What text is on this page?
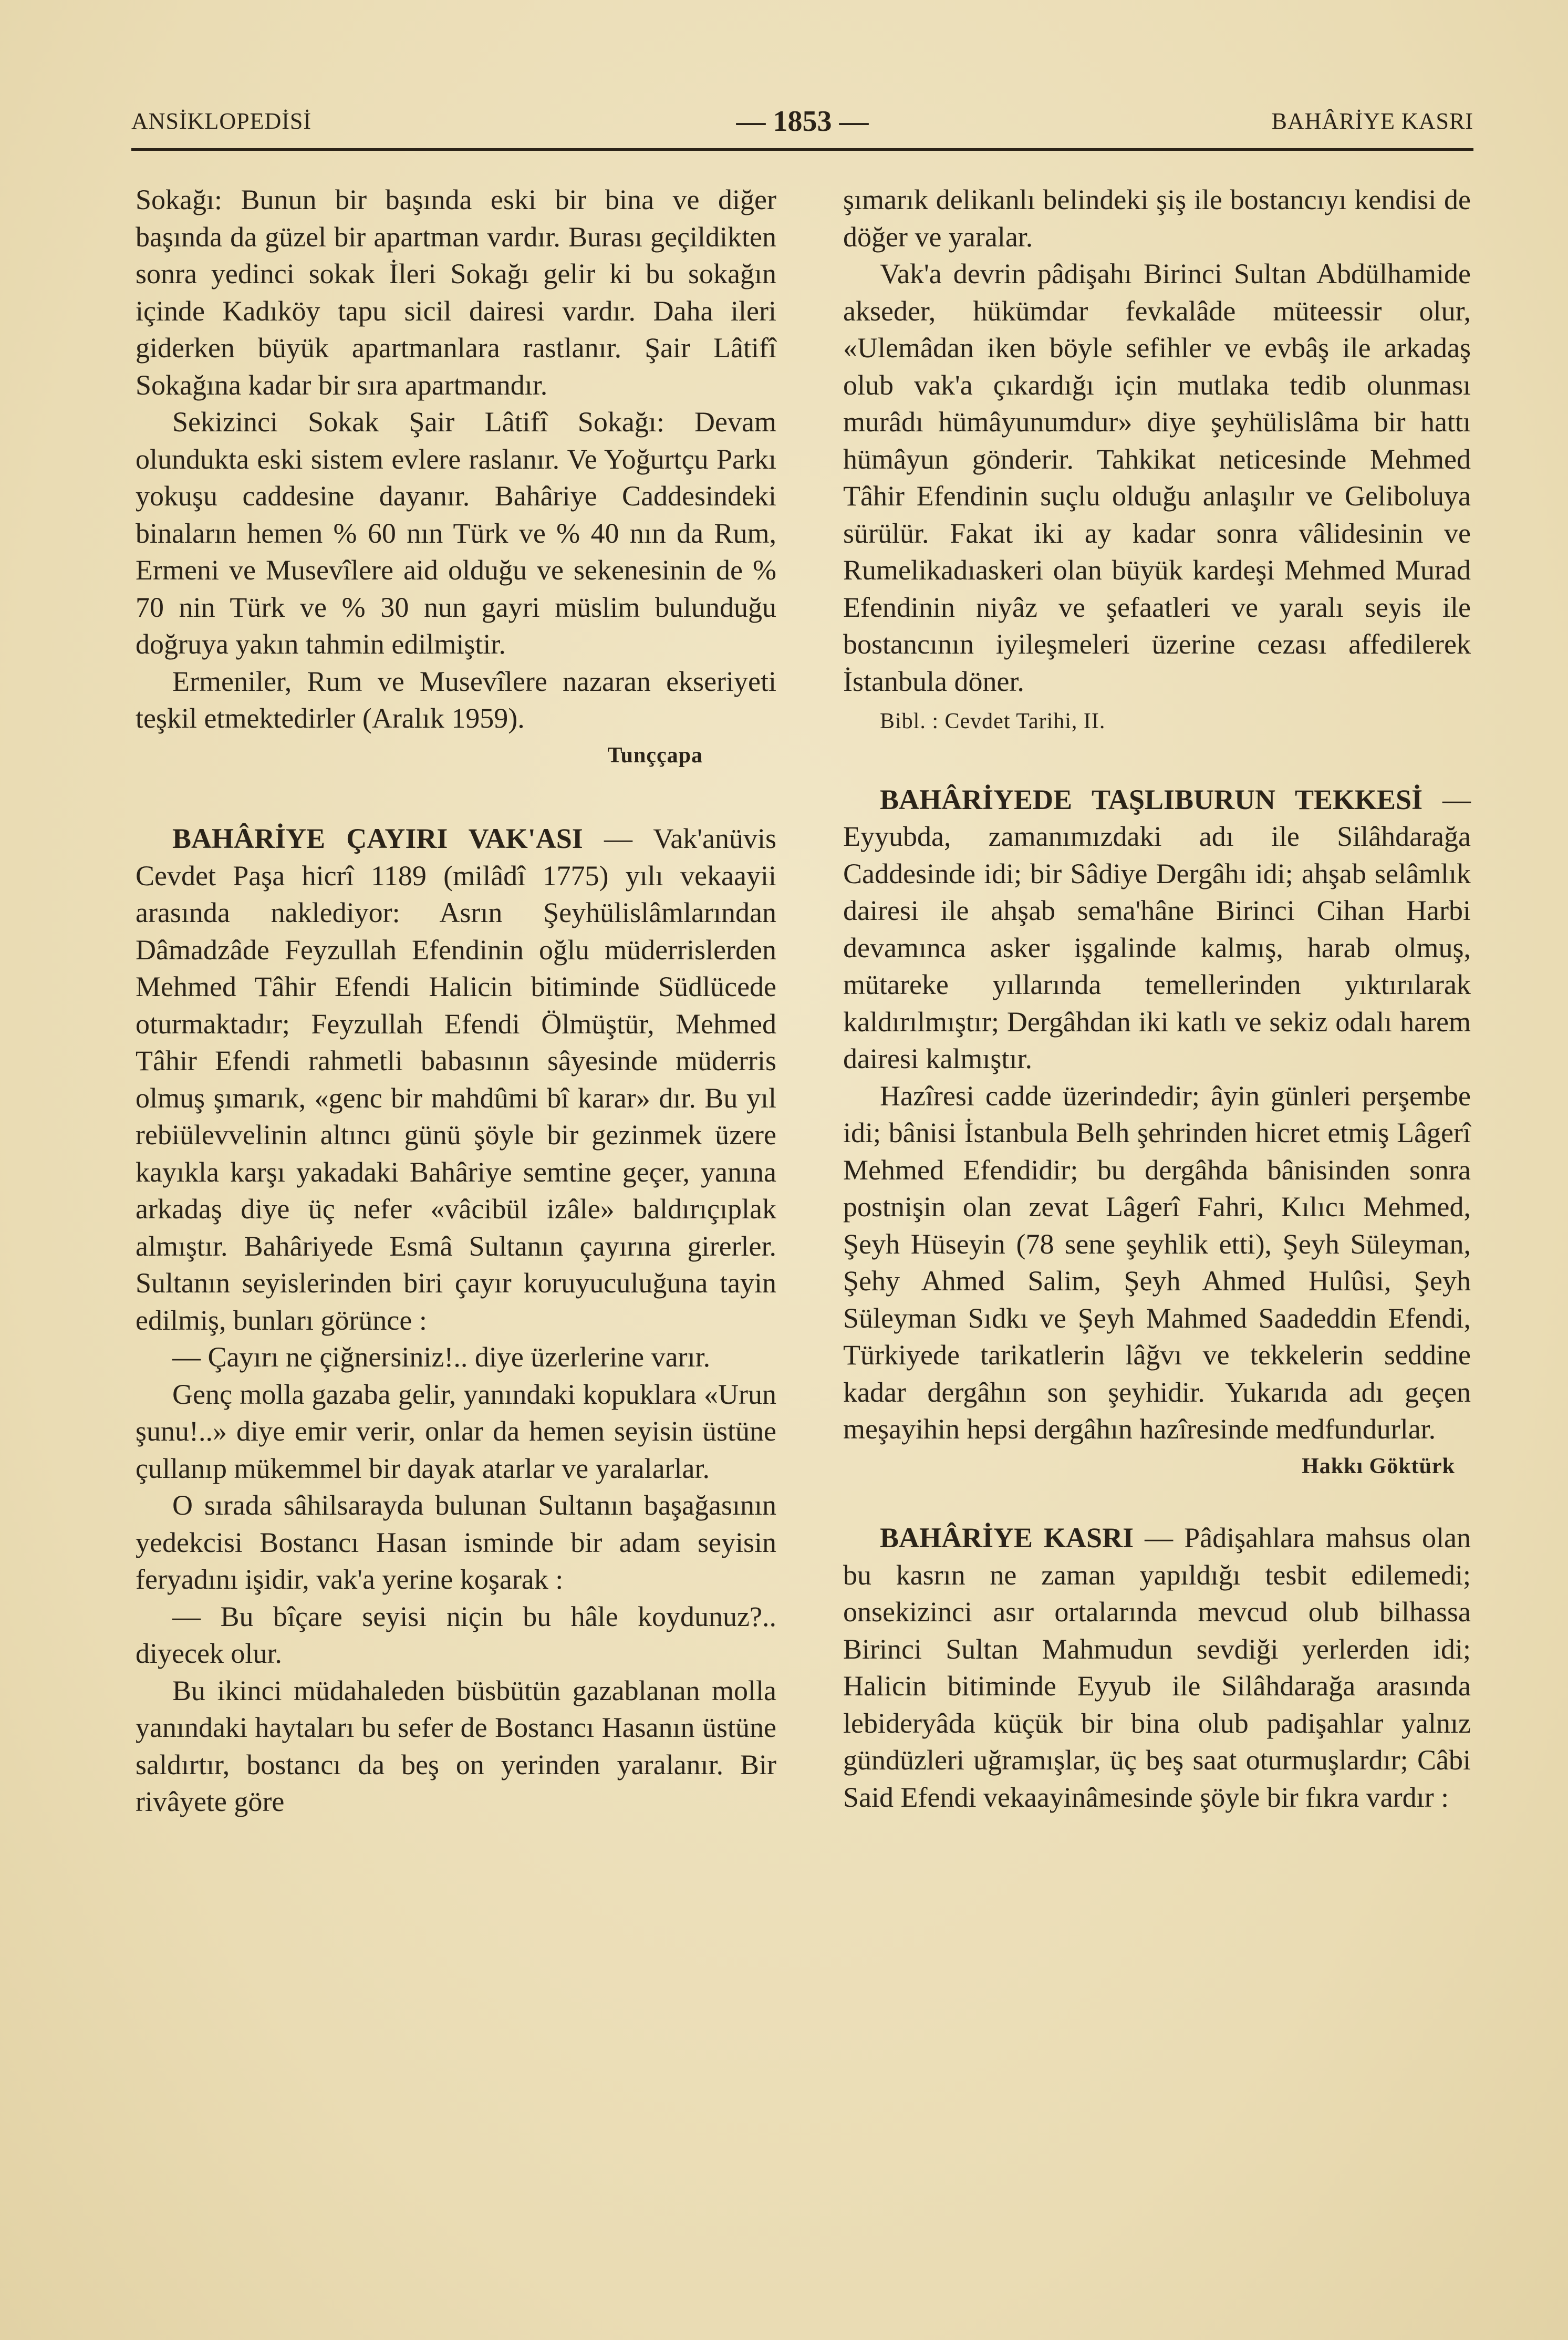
ANSİKLOPEDİSİ	— 1853 —	BAHÂRİYE KASRI

Sokağı: Bunun bir başında eski bir bina ve diğer başında da güzel bir apartman vardır. Burası geçildikten sonra yedinci sokak İleri Sokağı gelir ki bu sokağın içinde Kadıköy tapu sicil dairesi vardır. Daha ileri giderken büyük apartmanlara rastlanır. Şair Lâtifî Sokağına kadar bir sıra apartmandır.

Sekizinci Sokak Şair Lâtifî Sokağı: Devam olundukta eski sistem evlere raslanır. Ve Yoğurtçu Parkı yokuşu caddesine dayanır. Bahâriye Caddesindeki binaların hemen % 60 nın Türk ve % 40 nın da Rum, Ermeni ve Musevîlere aid olduğu ve sekenesinin de % 70 nin Türk ve % 30 nun gayri müslim bulunduğu doğruya yakın tahmin edilmiştir.

Ermeniler, Rum ve Musevîlere nazaran ekseriyeti teşkil etmektedirler (Aralık 1959).

Tunççapa

BAHÂRİYE ÇAYIRI VAK'ASI — Vak'anüvis Cevdet Paşa hicrî 1189 (milâdî 1775) yılı vekaayii arasında naklediyor: Asrın Şeyhülislâmlarından Dâmadzâde Feyzullah Efendinin oğlu müderrislerden Mehmed Tâhir Efendi Halicin bitiminde Südlücede oturmaktadır; Feyzullah Efendi Ölmüştür, Mehmed Tâhir Efendi rahmetli babasının sâyesinde müderris olmuş şımarık, «genc bir mahdûmi bî karar» dır. Bu yıl rebiülevvelinin altıncı günü şöyle bir gezinmek üzere kayıkla karşı yakadaki Bahâriye semtine geçer, yanına arkadaş diye üç nefer «vâcibül izâle» baldırıçıplak almıştır. Bahâriyede Esmâ Sultanın çayırına girerler. Sultanın seyislerinden biri çayır koruyuculuğuna tayin edilmiş, bunları görünce :

— Çayırı ne çiğnersiniz!.. diye üzerlerine varır.

Genç molla gazaba gelir, yanındaki kopuklara «Urun şunu!..» diye emir verir, onlar da hemen seyisin üstüne çullanıp mükemmel bir dayak atarlar ve yaralarlar.

O sırada sâhilsarayda bulunan Sultanın başağasının yedekcisi Bostancı Hasan isminde bir adam seyisin feryadını işidir, vak'a yerine koşarak :

— Bu bîçare seyisi niçin bu hâle koydunuz?.. diyecek olur.

Bu ikinci müdahaleden büsbütün gazablanan molla yanındaki haytaları bu sefer de Bostancı Hasanın üstüne saldırtır, bostancı da beş on yerinden yaralanır. Bir rivâyete göre

şımarık delikanlı belindeki şiş ile bostancıyı kendisi de döğer ve yaralar.

Vak'a devrin pâdişahı Birinci Sultan Abdülhamide akseder, hükümdar fevkalâde müteessir olur, «Ulemâdan iken böyle sefihler ve evbâş ile arkadaş olub vak'a çıkardığı için mutlaka tedib olunması murâdı hümâyunumdur» diye şeyhülislâma bir hattı hümâyun gönderir. Tahkikat neticesinde Mehmed Tâhir Efendinin suçlu olduğu anlaşılır ve Geliboluya sürülür. Fakat iki ay kadar sonra vâlidesinin ve Rumelikadıaskeri olan büyük kardeşi Mehmed Murad Efendinin niyâz ve şefaatleri ve yaralı seyis ile bostancının iyileşmeleri üzerine cezası affedilerek İstanbula döner.

Bibl. : Cevdet Tarihi, II.

BAHÂRİYEDE TAŞLIBURUN TEKKESİ — Eyyubda, zamanımızdaki adı ile Silâhdarağa Caddesinde idi; bir Sâdiye Dergâhı idi; ahşab selâmlık dairesi ile ahşab sema'hâne Birinci Cihan Harbi devamınca asker işgalinde kalmış, harab olmuş, mütareke yıllarında temellerinden yıktırılarak kaldırılmıştır; Dergâhdan iki katlı ve sekiz odalı harem dairesi kalmıştır.

Hazîresi cadde üzerindedir; âyin günleri perşembe idi; bânisi İstanbula Belh şehrinden hicret etmiş Lâgerî Mehmed Efendidir; bu dergâhda bânisinden sonra postnişin olan zevat Lâgerî Fahri, Kılıcı Mehmed, Şeyh Hüseyin (78 sene şeyhlik etti), Şeyh Süleyman, Şehy Ahmed Salim, Şeyh Ahmed Hulûsi, Şeyh Süleyman Sıdkı ve Şeyh Mahmed Saadeddin Efendi, Türkiyede tarikatlerin lâğvı ve tekkelerin seddine kadar dergâhın son şeyhidir. Yukarıda adı geçen meşayihin hepsi dergâhın hazîresinde medfundurlar.

Hakkı Göktürk

BAHÂRİYE KASRI — Pâdişahlara mahsus olan bu kasrın ne zaman yapıldığı tesbit edilemedi; onsekizinci asır ortalarında mevcud olub bilhassa Birinci Sultan Mahmudun sevdiği yerlerden idi; Halicin bitiminde Eyyub ile Silâhdarağa arasında lebideryâda küçük bir bina olub padişahlar yalnız gündüzleri uğramışlar, üç beş saat oturmuşlardır; Câbi Said Efendi vekaayinâmesinde şöyle bir fıkra vardır :
